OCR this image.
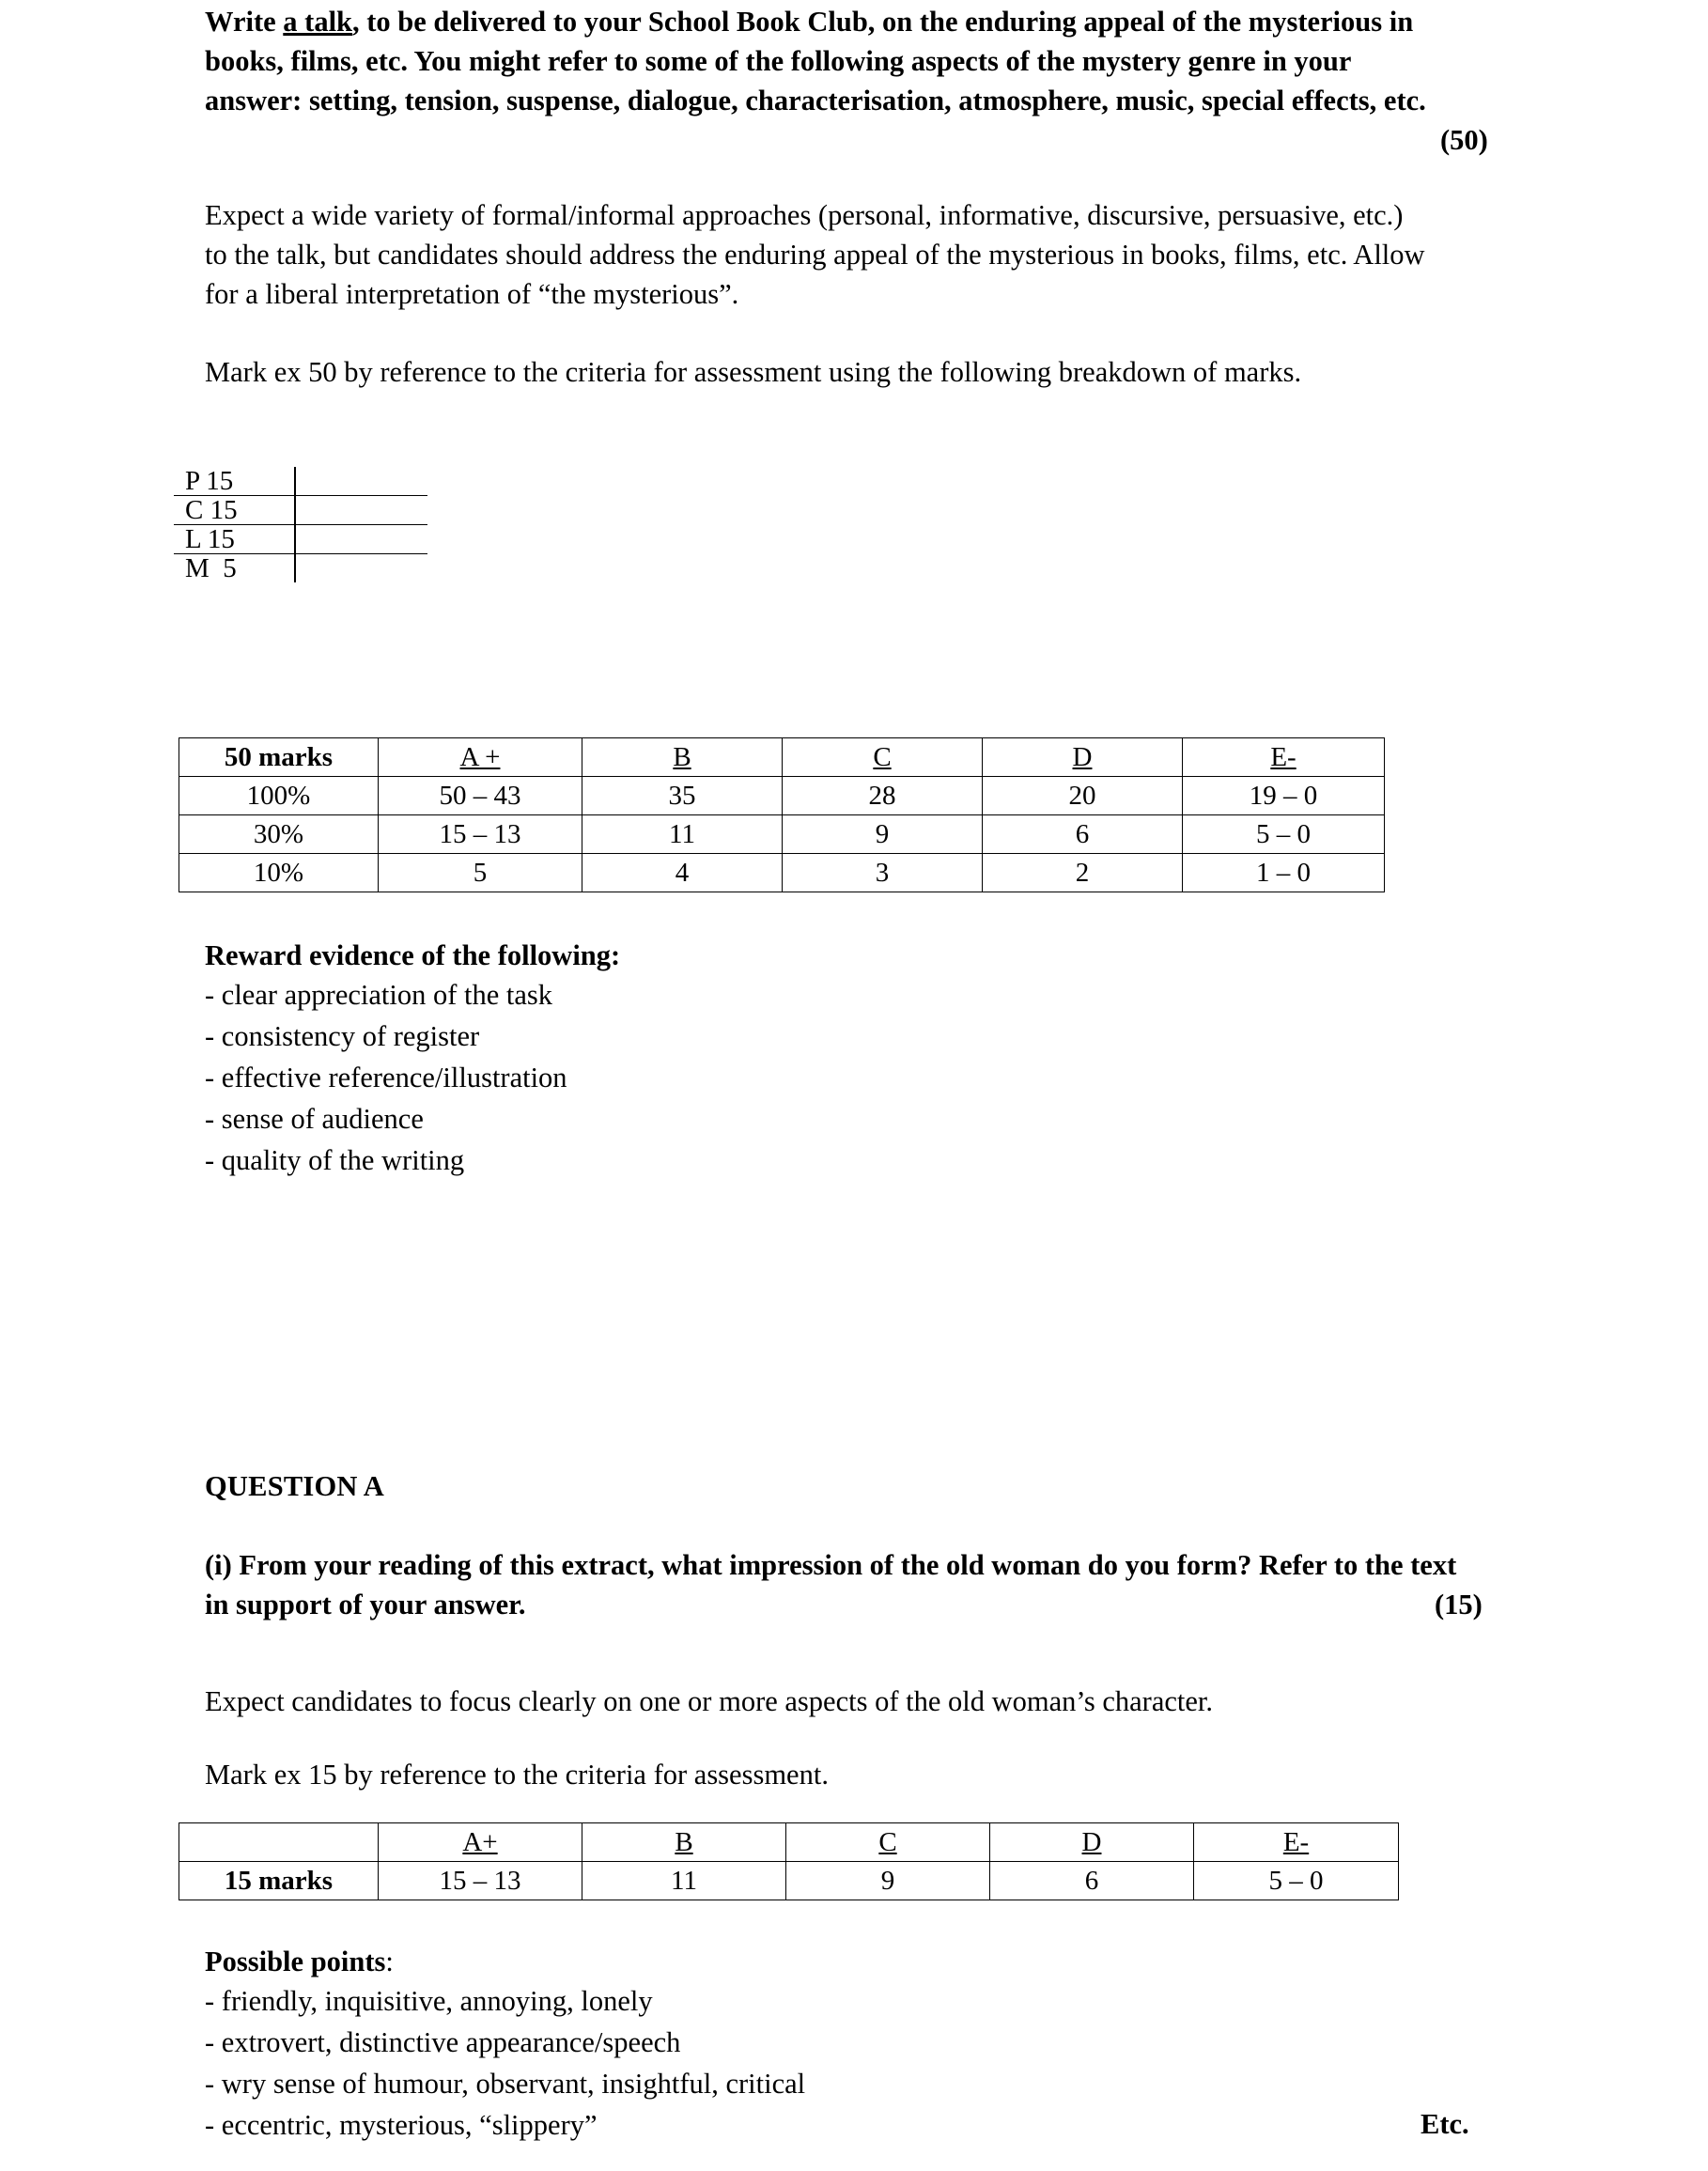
Write a talk, to be delivered to your School Book Club, on the enduring appeal of the mysterious in books, films, etc. You might refer to some of the following aspects of the mystery genre in your answer: setting, tension, suspense, dialogue, characterisation, atmosphere, music, special effects, etc.
(50)
Expect a wide variety of formal/informal approaches (personal, informative, discursive, persuasive, etc.) to the talk, but candidates should address the enduring appeal of the mysterious in books, films, etc. Allow for a liberal interpretation of “the mysterious”.
Mark ex 50 by reference to the criteria for assessment using the following breakdown of marks.
P 15
C 15
L 15
M  5
50 marks	A +	B	C	D	E-
100%	50 – 43	35	28	20	19 – 0
30%	15 – 13	11	9	6	5 – 0
10%	5	4	3	2	1 – 0
Reward evidence of the following:
- clear appreciation of the task
- consistency of register
- effective reference/illustration
- sense of audience
- quality of the writing
QUESTION A
(i) From your reading of this extract, what impression of the old woman do you form? Refer to the text in support of your answer.	(15)
Expect candidates to focus clearly on one or more aspects of the old woman’s character.
Mark ex 15 by reference to the criteria for assessment.
	A+	B	C	D	E-
15 marks	15 – 13	11	9	6	5 – 0
Possible points:
- friendly, inquisitive, annoying, lonely
- extrovert, distinctive appearance/speech
- wry sense of humour, observant, insightful, critical
- eccentric, mysterious, “slippery”	Etc.
